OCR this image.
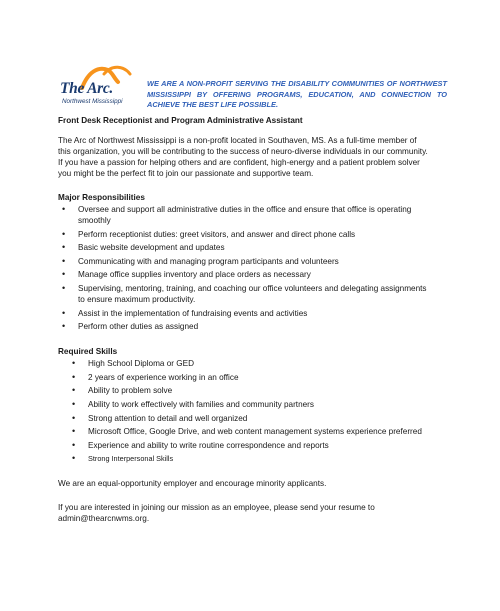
The Arc.
Northwest Mississippi

WE ARE A NON-PROFIT SERVING THE DISABILITY COMMUNITIES OF NORTHWEST MISSISSIPPI BY OFFERING PROGRAMS, EDUCATION, AND CONNECTION TO ACHIEVE THE BEST LIFE POSSIBLE.

Front Desk Receptionist and Program Administrative Assistant

The Arc of Northwest Mississippi is a non-profit located in Southaven, MS. As a full-time member of this organization, you will be contributing to the success of neuro-diverse individuals in our community. If you have a passion for helping others and are confident, high-energy and a patient problem solver you might be the perfect fit to join our passionate and supportive team.

Major Responsibilities

• Oversee and support all administrative duties in the office and ensure that office is operating smoothly
• Perform receptionist duties: greet visitors, and answer and direct phone calls
• Basic website development and updates
• Communicating with and managing program participants and volunteers
• Manage office supplies inventory and place orders as necessary
• Supervising, mentoring, training, and coaching our office volunteers and delegating assignments to ensure maximum productivity.
• Assist in the implementation of fundraising events and activities
• Perform other duties as assigned

Required Skills

• High School Diploma or GED
• 2 years of experience working in an office
• Ability to problem solve
• Ability to work effectively with families and community partners
• Strong attention to detail and well organized
• Microsoft Office, Google Drive, and web content management systems experience preferred
• Experience and ability to write routine correspondence and reports
• Strong Interpersonal Skills

We are an equal-opportunity employer and encourage minority applicants.

If you are interested in joining our mission as an employee, please send your resume to admin@thearcnwms.org.
